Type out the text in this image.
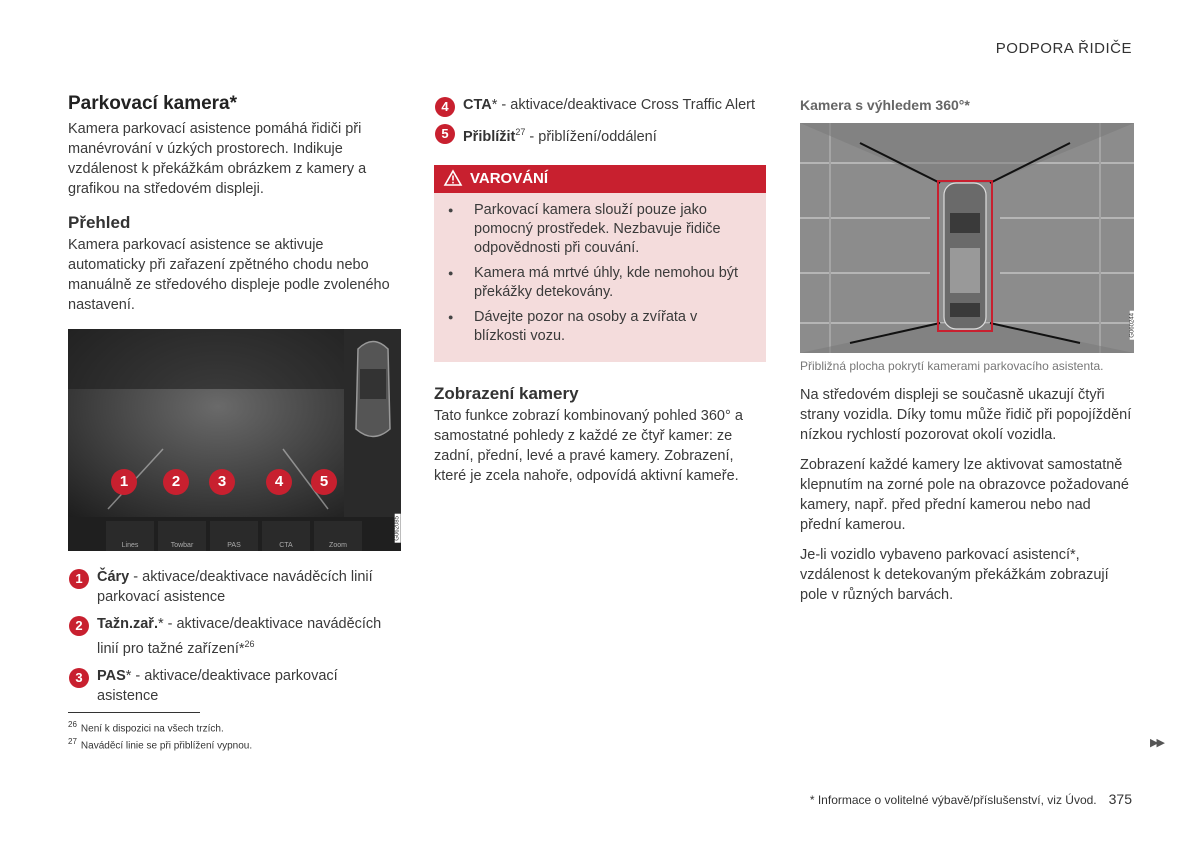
PODPORA ŘIDIČE
Parkovací kamera*

Kamera parkovací asistence pomáhá řidiči při manévrování v úzkých prostorech. Indikuje vzdálenost k překážkám obrázkem z kamery a grafikou na středovém displeji.

Přehled

Kamera parkovací asistence se aktivuje automaticky při zařazení zpětného chodu nebo manuálně ze středového displeje podle zvoleného nastavení.

Lines	Towbar	PAS	CTA	Zoom
1	2	3	4	5
G062085
1 Čáry - aktivace/deaktivace naváděcích linií parkovací asistence
2 Tažn.zař.* - aktivace/deaktivace naváděcích linií pro tažné zařízení*$^{26}$
3 PAS* - aktivace/deaktivace parkovací asistence
4 CTA* - aktivace/deaktivace Cross Traffic Alert
5 Přiblížit$^{27}$ - přiblížení/oddálení
VAROVÁNÍ
● Parkovací kamera slouží pouze jako pomocný prostředek. Nezbavuje řidiče odpovědnosti při couvání.
● Kamera má mrtvé úhly, kde nemohou být překážky detekovány.
● Dávejte pozor na osoby a zvířata v blízkosti vozu.
Zobrazení kamery

Tato funkce zobrazí kombinovaný pohled 360° a samostatné pohledy z každé ze čtyř kamer: ze zadní, přední, levé a pravé kamery. Zobrazení, které je zcela nahoře, odpovídá aktivní kameře.

Kamera s výhledem 360°*
G060244
Přibližná plocha pokrytí kamerami parkovacího asistenta.

Na středovém displeji se současně ukazují čtyři strany vozidla. Díky tomu může řidič při popojíždění nízkou rychlostí pozorovat okolí vozidla.

Zobrazení každé kamery lze aktivovat samostatně klepnutím na zorné pole na obrazovce požadované kamery, např. před přední kamerou nebo nad přední kamerou.

Je-li vozidlo vybaveno parkovací asistencí*, vzdálenost k detekovaným překážkám zobrazují pole v různých barvách.

$^{26}$ Není k dispozici na všech trzích.
$^{27}$ Naváděcí linie se při přiblížení vypnou.	▶▶
* Informace o volitelné výbavě/příslušenství, viz Úvod. 375
